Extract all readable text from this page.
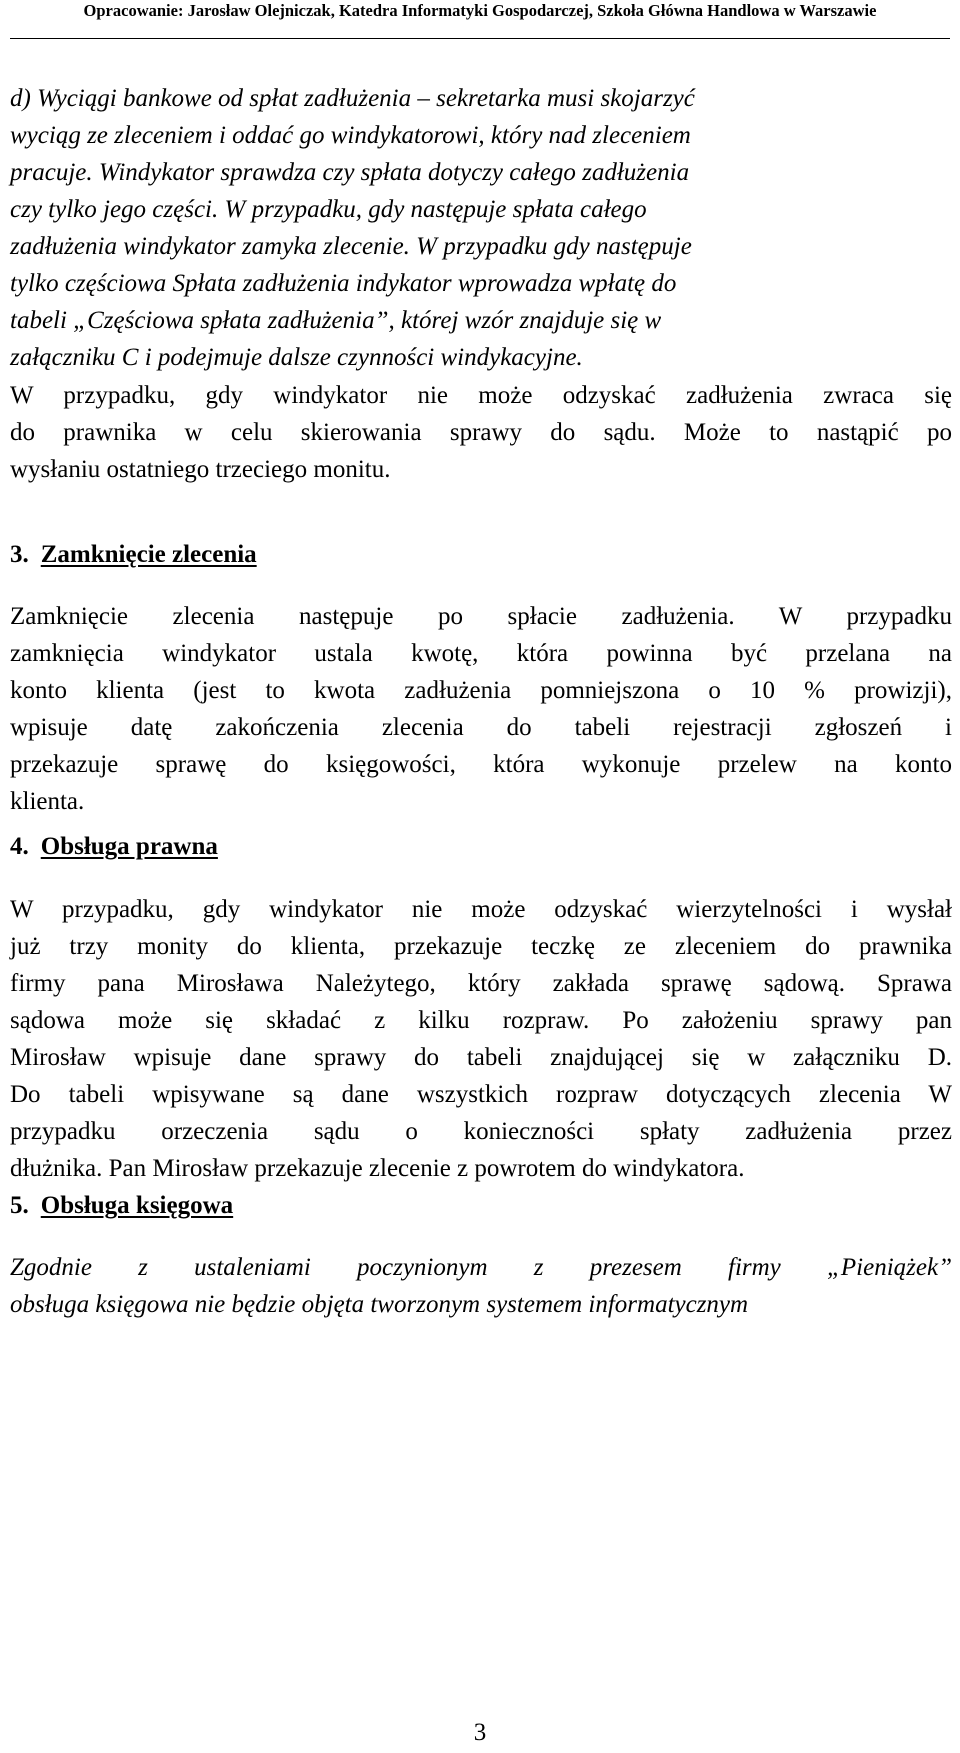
Opracowanie: Jarosław Olejniczak, Katedra Informatyki Gospodarczej, Szkoła Główna Handlowa w Warszawie
d) Wyciągi bankowe od spłat zadłużenia – sekretarka musi skojarzyć
wyciąg ze zleceniem i oddać go windykatorowi, który nad zleceniem
pracuje. Windykator sprawdza czy spłata dotyczy całego zadłużenia
czy tylko jego części. W przypadku, gdy następuje spłata całego
zadłużenia windykator zamyka zlecenie. W przypadku gdy następuje
tylko częściowa Spłata zadłużenia indykator wprowadza wpłatę do
tabeli „Częściowa spłata zadłużenia”, której wzór znajduje się w
załączniku C i podejmuje dalsze czynności windykacyjne.
W przypadku, gdy windykator nie może odzyskać zadłużenia zwraca się
do prawnika w celu skierowania sprawy do sądu. Może to nastąpić po
wysłaniu ostatniego trzeciego monitu.
3. Zamknięcie zlecenia
Zamknięcie zlecenia następuje po spłacie zadłużenia. W przypadku
zamknięcia windykator ustala kwotę, która powinna być przelana na
konto klienta (jest to kwota zadłużenia pomniejszona o 10 % prowizji),
wpisuje datę zakończenia zlecenia do tabeli rejestracji zgłoszeń i
przekazuje sprawę do księgowości, która wykonuje przelew na konto
klienta.
4. Obsługa prawna
W przypadku, gdy windykator nie może odzyskać wierzytelności i wysłał
już trzy monity do klienta, przekazuje teczkę ze zleceniem do prawnika
firmy pana Mirosława Należytego, który zakłada sprawę sądową. Sprawa
sądowa może się składać z kilku rozpraw. Po założeniu sprawy pan
Mirosław wpisuje dane sprawy do tabeli znajdującej się w załączniku D.
Do tabeli wpisywane są dane wszystkich rozpraw dotyczących zlecenia W
przypadku orzeczenia sądu o konieczności spłaty zadłużenia przez
dłużnika. Pan Mirosław przekazuje zlecenie z powrotem do windykatora.
5. Obsługa księgowa
Zgodnie z ustaleniami poczynionym z prezesem firmy „Pieniążek”
obsługa księgowa nie będzie objęta tworzonym systemem informatycznym
3
